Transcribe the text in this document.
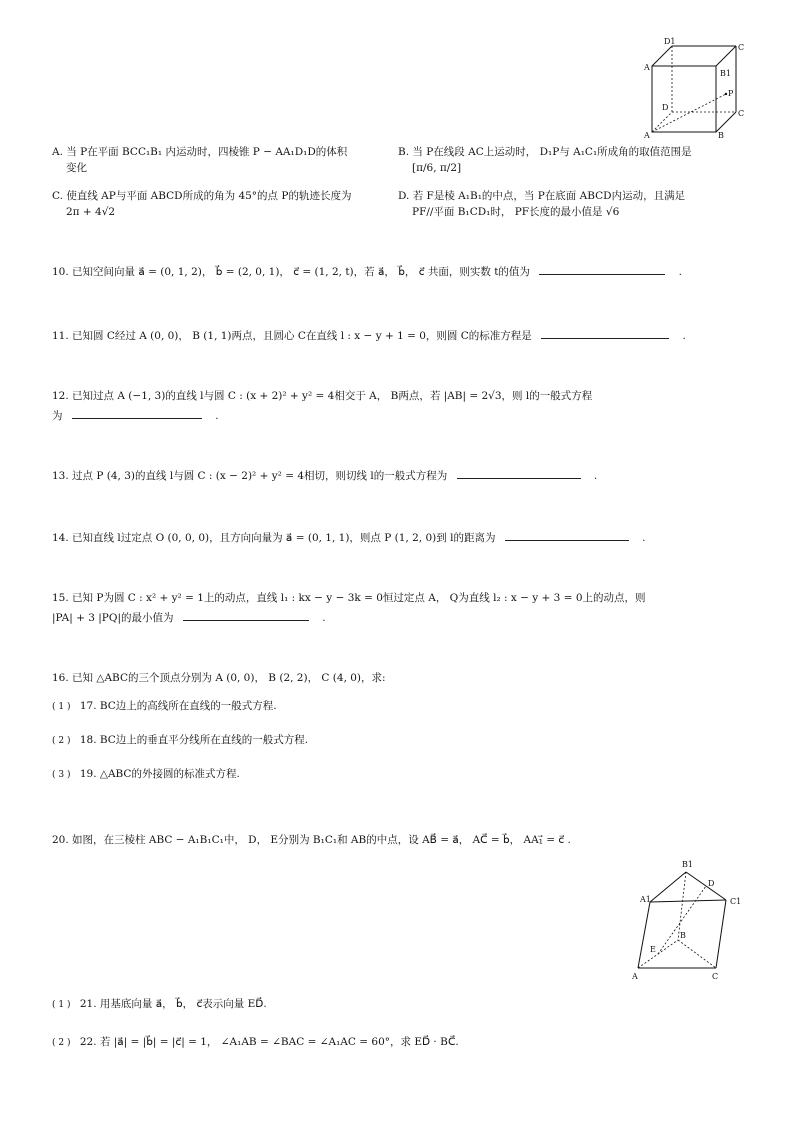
D1
C
A
B1
P
D
C
A	B
A. 当 P在平面 BCC₁B₁ 内运动时，四棱锥 P − AA₁D₁D的体积
变化
B. 当 P在线段 AC上运动时， D₁P与 A₁C₁所成角的取值范围是
[π/6, π/2]
C. 使直线 AP与平面 ABCD所成的角为 45°的点 P的轨迹长度为
2π + 4√2
D. 若 F是棱 A₁B₁的中点，当 P在底面 ABCD内运动，且满足
PF//平面 B₁CD₁时， PF长度的最小值是 √6
10. 已知空间向量 a⃗ = (0, 1, 2)， b⃗ = (2, 0, 1)， c⃗ = (1, 2, t)，若 a⃗， b⃗， c⃗ 共面，则实数 t的值为	.
11. 已知圆 C经过 A (0, 0)， B (1, 1)两点，且圆心 C在直线 l : x − y + 1 = 0，则圆 C的标准方程是	.
12. 已知过点 A (−1, 3)的直线 l与圆 C : (x + 2)² + y² = 4相交于 A， B两点，若 |AB| = 2√3，则 l的一般式方程
为	.
13. 过点 P (4, 3)的直线 l与圆 C : (x − 2)² + y² = 4相切，则切线 l的一般式方程为	.
14. 已知直线 l过定点 O (0, 0, 0)，且方向向量为 a⃗ = (0, 1, 1)，则点 P (1, 2, 0)到 l的距离为	.
15. 已知 P为圆 C : x² + y² = 1上的动点，直线 l₁ : kx − y − 3k = 0恒过定点 A， Q为直线 l₂ : x − y + 3 = 0上的动点，则
|PA| + 3 |PQ|的最小值为	.
16. 已知 △ABC的三个顶点分别为 A (0, 0)， B (2, 2)， C (4, 0)，求:
( 1 ) 17. BC边上的高线所在直线的一般式方程.
( 2 ) 18. BC边上的垂直平分线所在直线的一般式方程.
( 3 ) 19. △ABC的外接圆的标准式方程.
20. 如图，在三棱柱 ABC − A₁B₁C₁中， D， E分别为 B₁C₁和 AB的中点，设 AB⃗ = a⃗， AC⃗ = b⃗， AA₁⃗ = c⃗ .
B1
D
A1	C1
B
E
A	C
( 1 ) 21. 用基底向量 a⃗， b⃗， c⃗表示向量 ED⃗.
( 2 ) 22. 若 |a⃗| = |b⃗| = |c⃗| = 1， ∠A₁AB = ∠BAC = ∠A₁AC = 60°，求 ED⃗ · BC⃗.
